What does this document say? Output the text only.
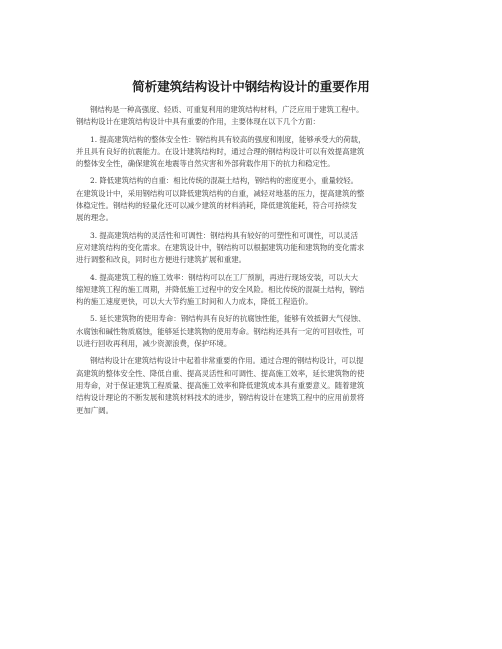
简析建筑结构设计中钢结构设计的重要作用

钢结构是一种高强度、轻质、可重复利用的建筑结构材料，广泛应用于建筑工程中。
钢结构设计在建筑结构设计中具有重要的作用，主要体现在以下几个方面：

1. 提高建筑结构的整体安全性：钢结构具有较高的强度和刚度，能够承受大的荷载，
并且具有良好的抗震能力。在设计建筑结构时，通过合理的钢结构设计可以有效提高建筑
的整体安全性，确保建筑在地震等自然灾害和外部荷载作用下的抗力和稳定性。

2. 降低建筑结构的自重：相比传统的混凝土结构，钢结构的密度更小，重量较轻。
在建筑设计中，采用钢结构可以降低建筑结构的自重，减轻对地基的压力，提高建筑的整
体稳定性。钢结构的轻量化还可以减少建筑的材料消耗，降低建筑能耗，符合可持续发
展的理念。

3. 提高建筑结构的灵活性和可调性：钢结构具有较好的可塑性和可调性，可以灵活
应对建筑结构的变化需求。在建筑设计中，钢结构可以根据建筑功能和建筑物的变化需求
进行调整和改良，同时也方便进行建筑扩展和重建。

4. 提高建筑工程的施工效率：钢结构可以在工厂预制，再进行现场安装，可以大大
缩短建筑工程的施工周期，并降低施工过程中的安全风险。相比传统的混凝土结构，钢结
构的施工速度更快，可以大大节约施工时间和人力成本，降低工程造价。

5. 延长建筑物的使用寿命：钢结构具有良好的抗腐蚀性能，能够有效抵御大气侵蚀、
水腐蚀和碱性物质腐蚀，能够延长建筑物的使用寿命。钢结构还具有一定的可回收性，可
以进行回收再利用，减少资源浪费，保护环境。

钢结构设计在建筑结构设计中起着非常重要的作用。通过合理的钢结构设计，可以提
高建筑的整体安全性、降低自重、提高灵活性和可调性、提高施工效率，延长建筑物的使
用寿命，对于保证建筑工程质量、提高施工效率和降低建筑成本具有重要意义。随着建筑
结构设计理论的不断发展和建筑材料技术的进步，钢结构设计在建筑工程中的应用前景将
更加广阔。
